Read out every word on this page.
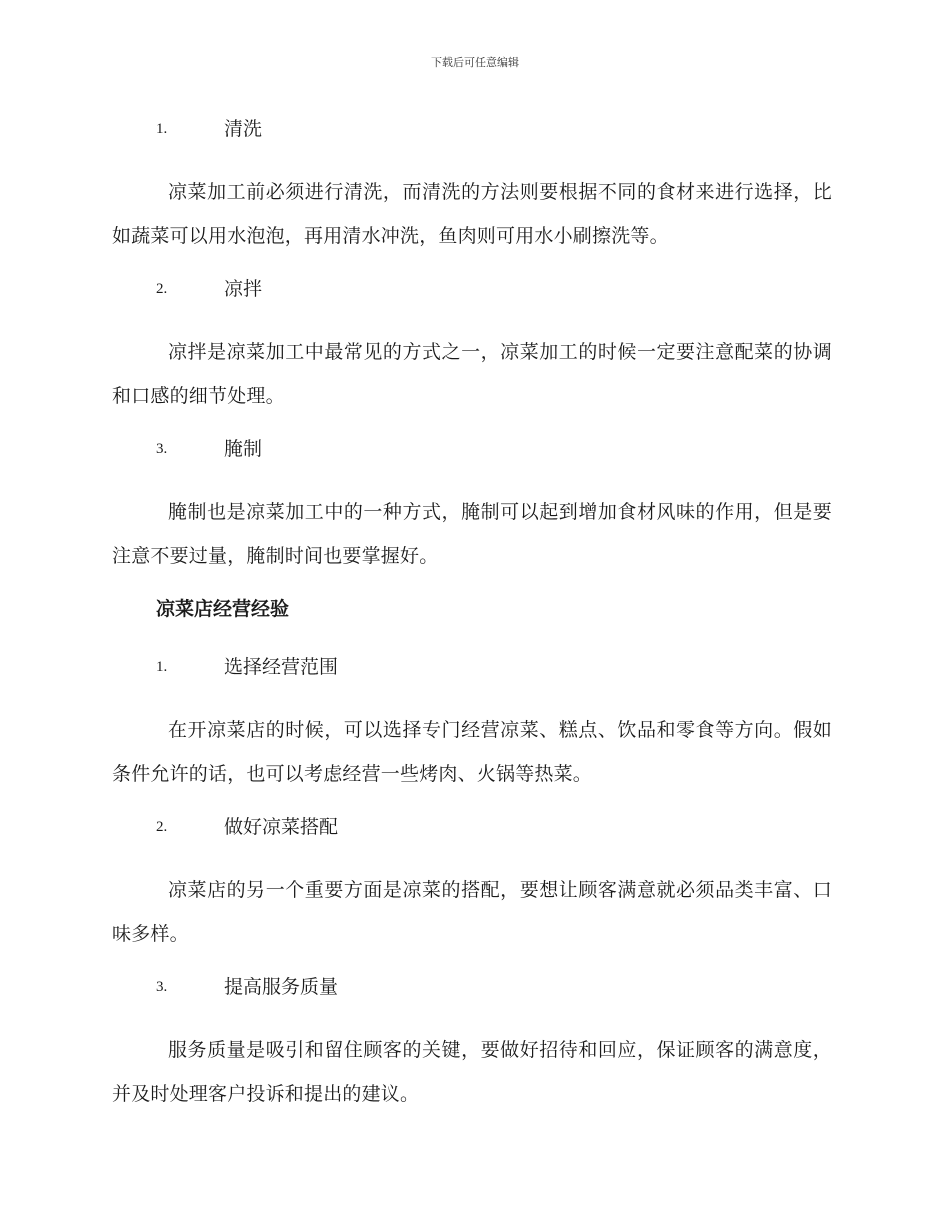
下载后可任意编辑
1.	清洗

凉菜加工前必须进行清洗，而清洗的方法则要根据不同的食材来进行选择，比如蔬菜可以用水泡泡，再用清水冲洗，鱼肉则可用水小刷擦洗等。

2.	凉拌

凉拌是凉菜加工中最常见的方式之一，凉菜加工的时候一定要注意配菜的协调和口感的细节处理。

3.	腌制

腌制也是凉菜加工中的一种方式，腌制可以起到增加食材风味的作用，但是要注意不要过量，腌制时间也要掌握好。

凉菜店经营经验
1.	选择经营范围

在开凉菜店的时候，可以选择专门经营凉菜、糕点、饮品和零食等方向。假如条件允许的话，也可以考虑经营一些烤肉、火锅等热菜。

2.	做好凉菜搭配

凉菜店的另一个重要方面是凉菜的搭配，要想让顾客满意就必须品类丰富、口味多样。

3.	提高服务质量

服务质量是吸引和留住顾客的关键，要做好招待和回应，保证顾客的满意度，并及时处理客户投诉和提出的建议。
